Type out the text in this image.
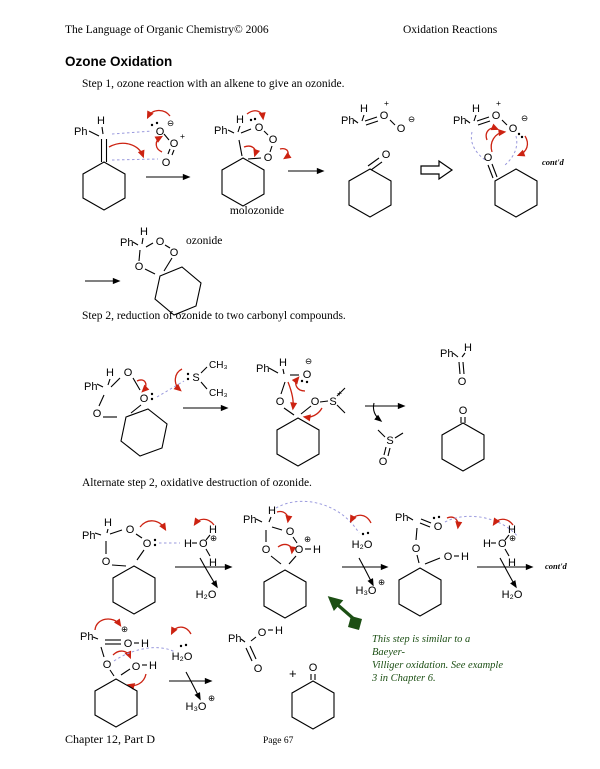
The Language of Organic Chemistry© 2006	Oxidation Reactions
Ozone Oxidation
Step 1, ozone reaction with an alkene to give an ozonide.
Step 2, reduction of ozonide to two carbonyl compounds.
Alternate step 2, oxidative destruction of ozonide.
molozonide
ozonide
cont'd
cont'd
This step is similar to a Baeyer-
Villiger oxidation. See example
3 in Chapter 6.
Chapter 12, Part D	Page 67
Ph
H
O
⊖
O
+
O
Ph
H
O
O
O
Ph
H
O
+
O
⊖
O
Ph
H
O
+
O
⊖
O
Ph
H
O
O
O
Ph
H O
O
O
S
CH₃
CH₃
Ph H
O
⊖
O O S
+
S
O
Ph H
O
O
Ph
H
O
O
O
H O ⊕
H
H
H₂O
Ph
H
O
O
⊕
H
O	H₂O
H₃O
⊕
Ph
O
O
O H
H O ⊕
H
H
H₂O
Ph
⊕
O H
O O H
H₂O
H₃O
⊕
Ph O H
O + O
